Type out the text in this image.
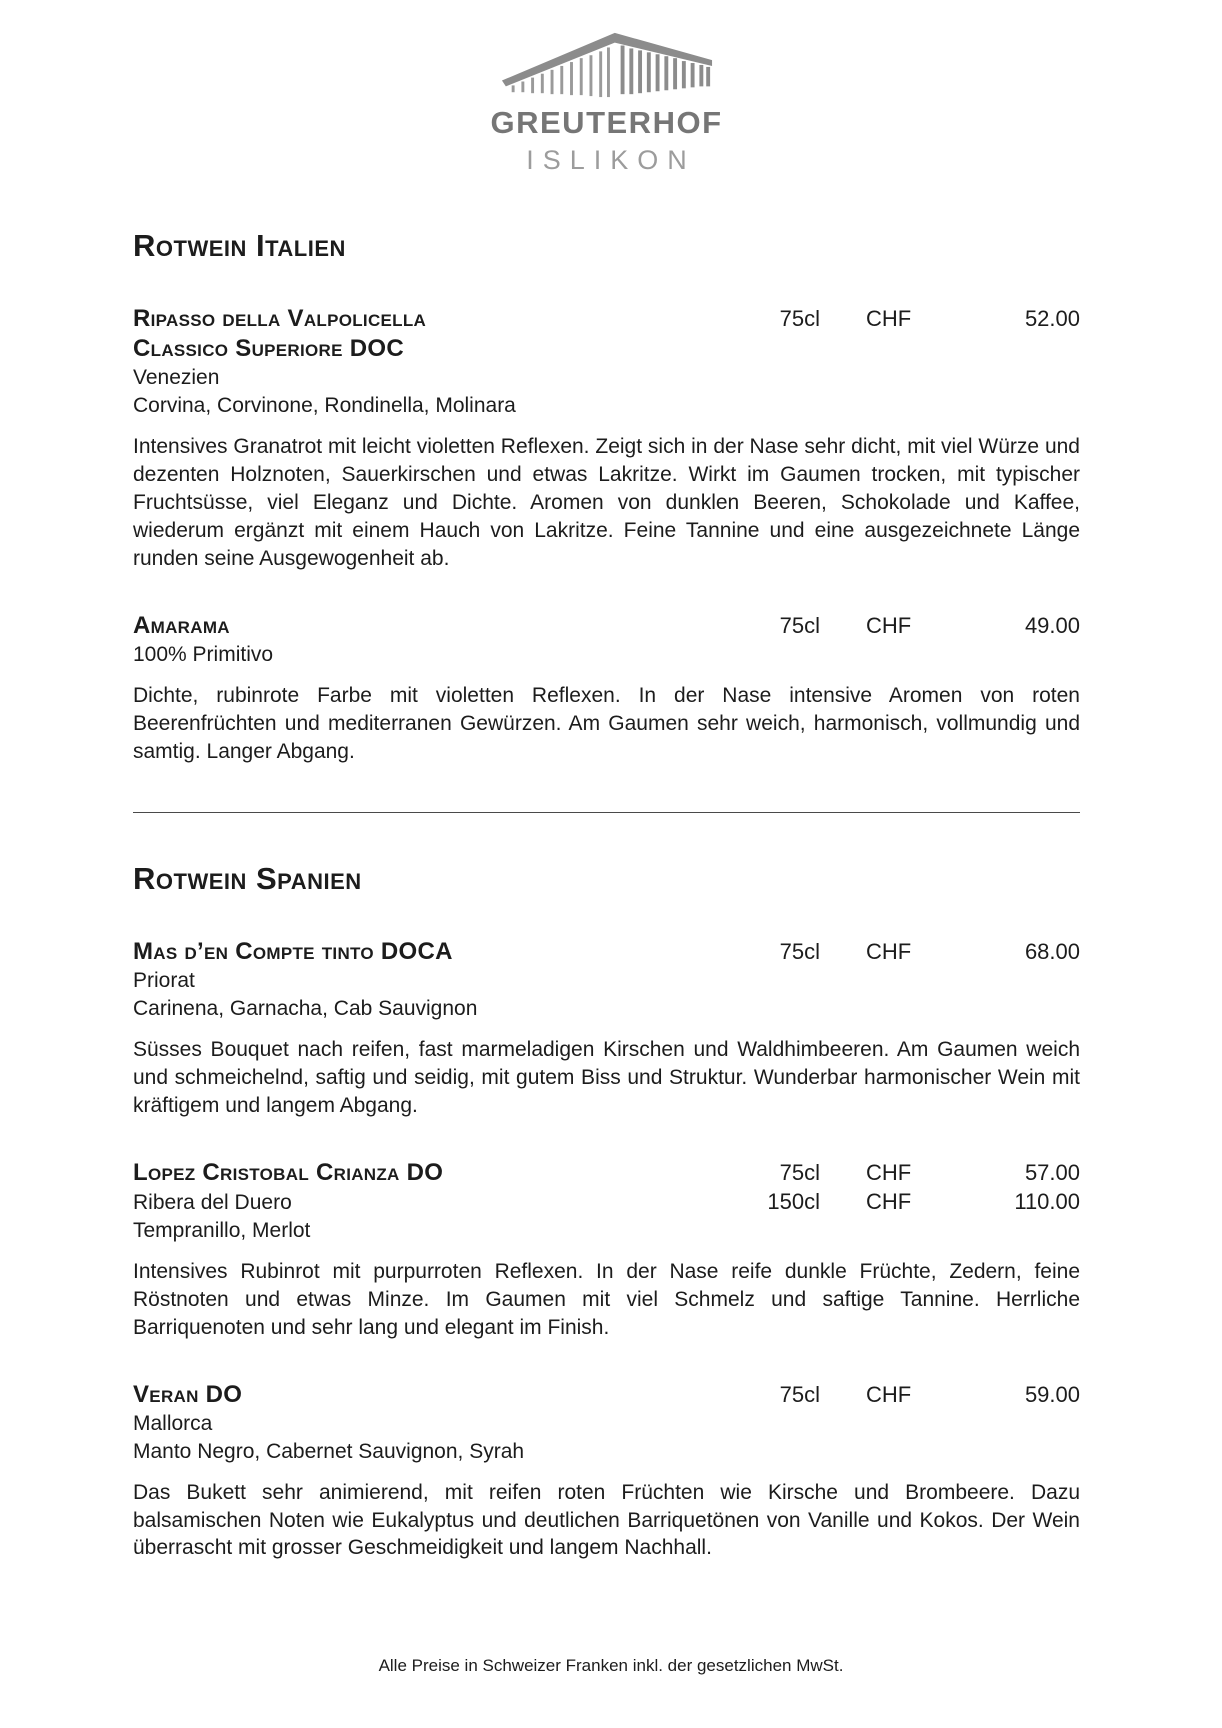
GREUTERHOF
ISLIKON
Rotwein Italien
Ripasso della Valpolicella	75cl	CHF	52.00
Classico Superiore DOC
Venezien
Corvina, Corvinone, Rondinella, Molinara

Intensives Granatrot mit leicht violetten Reflexen. Zeigt sich in der Nase sehr dicht, mit viel Würze und dezenten Holznoten, Sauerkirschen und etwas Lakritze. Wirkt im Gaumen trocken, mit typischer Fruchtsüsse, viel Eleganz und Dichte. Aromen von dunklen Beeren, Schokolade und Kaffee, wiederum ergänzt mit einem Hauch von Lakritze. Feine Tannine und eine ausgezeichnete Länge runden seine Ausgewogenheit ab.

Amarama	75cl	CHF	49.00
100% Primitivo

Dichte, rubinrote Farbe mit violetten Reflexen. In der Nase intensive Aromen von roten Beerenfrüchten und mediterranen Gewürzen. Am Gaumen sehr weich, harmonisch, vollmundig und samtig. Langer Abgang.

Rotwein Spanien
Mas d’en Compte tinto DOCA	75cl	CHF	68.00
Priorat
Carinena, Garnacha, Cab Sauvignon

Süsses Bouquet nach reifen, fast marmeladigen Kirschen und Waldhimbeeren. Am Gaumen weich und schmeichelnd, saftig und seidig, mit gutem Biss und Struktur. Wunderbar harmonischer Wein mit kräftigem und langem Abgang.

Lopez Cristobal Crianza DO	75cl	CHF	57.00
Ribera del Duero	150cl	CHF	110.00
Tempranillo, Merlot

Intensives Rubinrot mit purpurroten Reflexen. In der Nase reife dunkle Früchte, Zedern, feine Röstnoten und etwas Minze. Im Gaumen mit viel Schmelz und saftige Tannine. Herrliche Barriquenoten und sehr lang und elegant im Finish.

Veran DO	75cl	CHF	59.00
Mallorca
Manto Negro, Cabernet Sauvignon, Syrah

Das Bukett sehr animierend, mit reifen roten Früchten wie Kirsche und Brombeere. Dazu balsamischen Noten wie Eukalyptus und deutlichen Barriquetönen von Vanille und Kokos. Der Wein überrascht mit grosser Geschmeidigkeit und langem Nachhall.

Alle Preise in Schweizer Franken inkl. der gesetzlichen MwSt.
